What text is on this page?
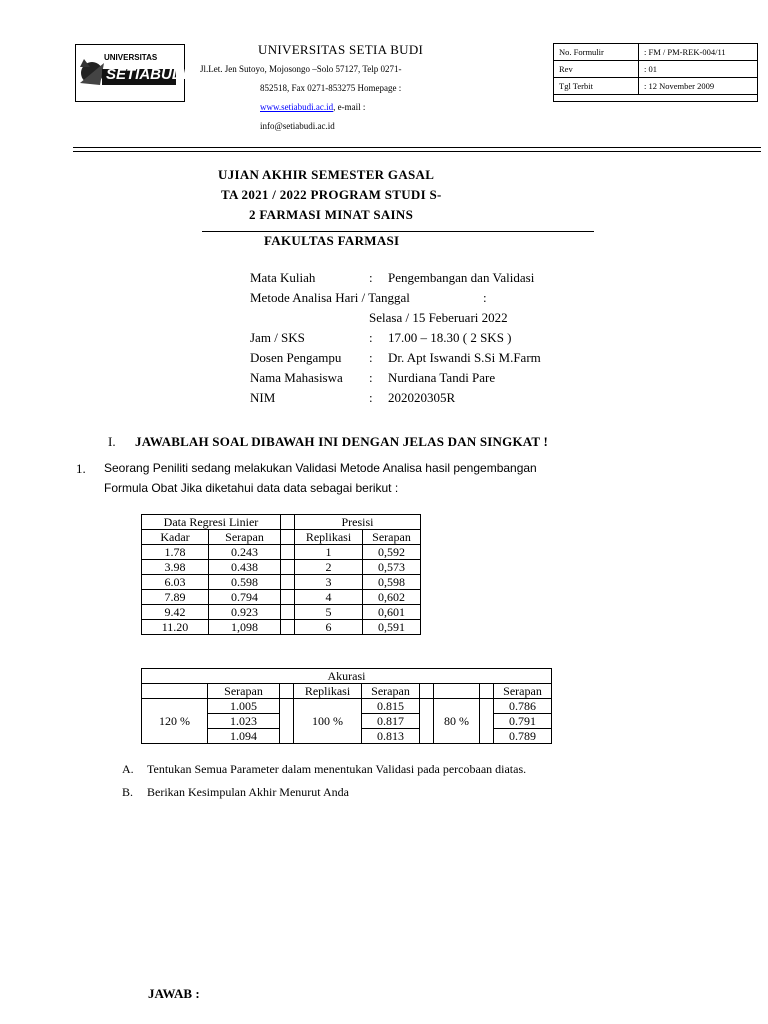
UNIVERSITAS
SETIABUDI
UNIVERSITAS SETIA BUDI
Jl.Let. Jen Sutoyo, Mojosongo –Solo 57127, Telp 0271-
852518, Fax 0271-853275 Homepage :
www.setiabudi.ac.id, e-mail :
info@setiabudi.ac.id
No. Formulir	: FM / PM-REK-004/11
Rev	: 01
Tgl Terbit	: 12 November 2009
UJIAN AKHIR SEMESTER GASAL
TA 2021 / 2022 PROGRAM STUDI S-
2 FARMASI MINAT SAINS
FAKULTAS FARMASI
Mata Kuliah	: Pengembangan dan Validasi
Metode Analisa Hari / Tanggal	:
Selasa / 15 Feberuari 2022
Jam / SKS	: 17.00 – 18.30 ( 2 SKS )
Dosen Pengampu : Dr. Apt Iswandi S.Si M.Farm
Nama Mahasiswa : Nurdiana Tandi Pare
NIM	: 202020305R
I. JAWABLAH SOAL DIBAWAH INI DENGAN JELAS DAN SINGKAT !
1. Seorang Peniliti sedang melakukan Validasi Metode Analisa hasil pengembangan
Formula Obat Jika diketahui data data sebagai berikut :
Data Regresi Linier			Presisi	
Kadar	Serapan		Replikasi	Serapan
1.78	0.243		1	0,592
3.98	0.438		2	0,573
6.03	0.598		3	0,598
7.89	0.794		4	0,602
9.42	0.923		5	0,601
11.20	1,098		6	0,591
Akurasi								
	Serapan		Replikasi	Serapan				Serapan
120 %	1.005		100 %	0.815		80 %		0.786
	1.023			0.817				0.791
	1.094			0.813				0.789
A. Tentukan Semua Parameter dalam menentukan Validasi pada percobaan diatas.
B. Berikan Kesimpulan Akhir Menurut Anda
JAWAB :
